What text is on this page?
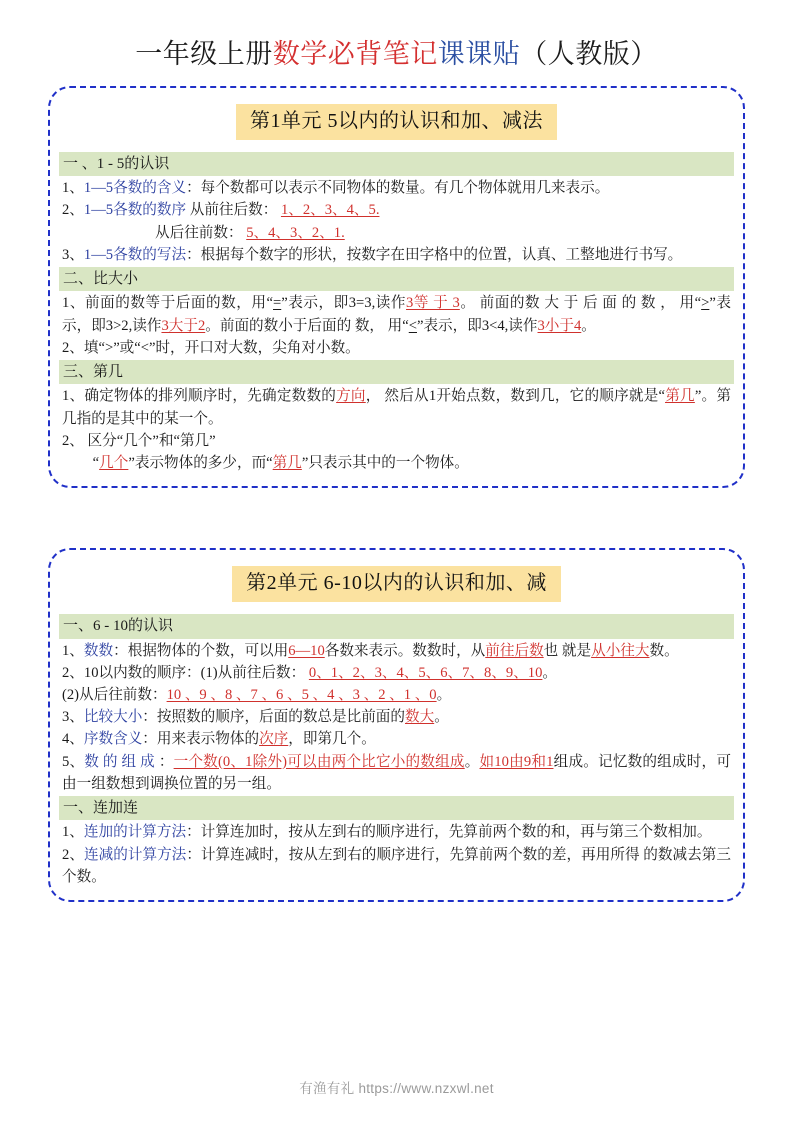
一年级上册数学必背笔记课课贴（人教版）
第1单元 5以内的认识和加、减法
一 、1 - 5的认识

1、1—5各数的含义：每个数都可以表示不同物体的数量。有几个物体就用几来表示。

2、1—5各数的数序 从前往后数： 1、2、3、4、5.

从后往前数： 5、4、3、2、1.

3、1—5各数的写法：根据每个数字的形状，按数字在田字格中的位置，认真、工整地进行书写。

二、比大小

1、前面的数等于后面的数，用“=”表示，即3=3,读作3等 于 3。 前面的数 大 于 后 面 的 数 ， 用“>”表示，即3>2,读作3大于2。前面的数小于后面的 数， 用“<”表示，即3<4,读作3小于4。

2、填“>”或“<”时，开口对大数，尖角对小数。

三、第几

1、确定物体的排列顺序时，先确定数数的方向， 然后从1开始点数，数到几，它的顺序就是“第几”。第几指的是其中的某一个。

2、 区分“几个”和“第几”

“几个”表示物体的多少，而“第几”只表示其中的一个物体。

第2单元 6-10以内的认识和加、减
一、6 - 10的认识

1、数数：根据物体的个数，可以用6—10各数来表示。数数时，从前往后数也 就是从小往大数。

2、10以内数的顺序：(1)从前往后数： 0、1、2、3、4、5、6、7、8、9、10。

(2)从后往前数：10 、9 、8 、7 、6 、5 、4 、3 、2 、1 、0。

3、比较大小：按照数的顺序，后面的数总是比前面的数大。

4、序数含义：用来表示物体的次序，即第几个。

5、数 的 组 成 ：一个数(0、1除外)可以由两个比它小的数组成。如10由9和1组成。记忆数的组成时，可由一组数想到调换位置的另一组。

一、连加连

1、连加的计算方法：计算连加时，按从左到右的顺序进行，先算前两个数的和，再与第三个数相加。

2、连减的计算方法：计算连减时，按从左到右的顺序进行，先算前两个数的差，再用所得 的数减去第三个数。

有渔有礼 https://www.nzxwl.net
